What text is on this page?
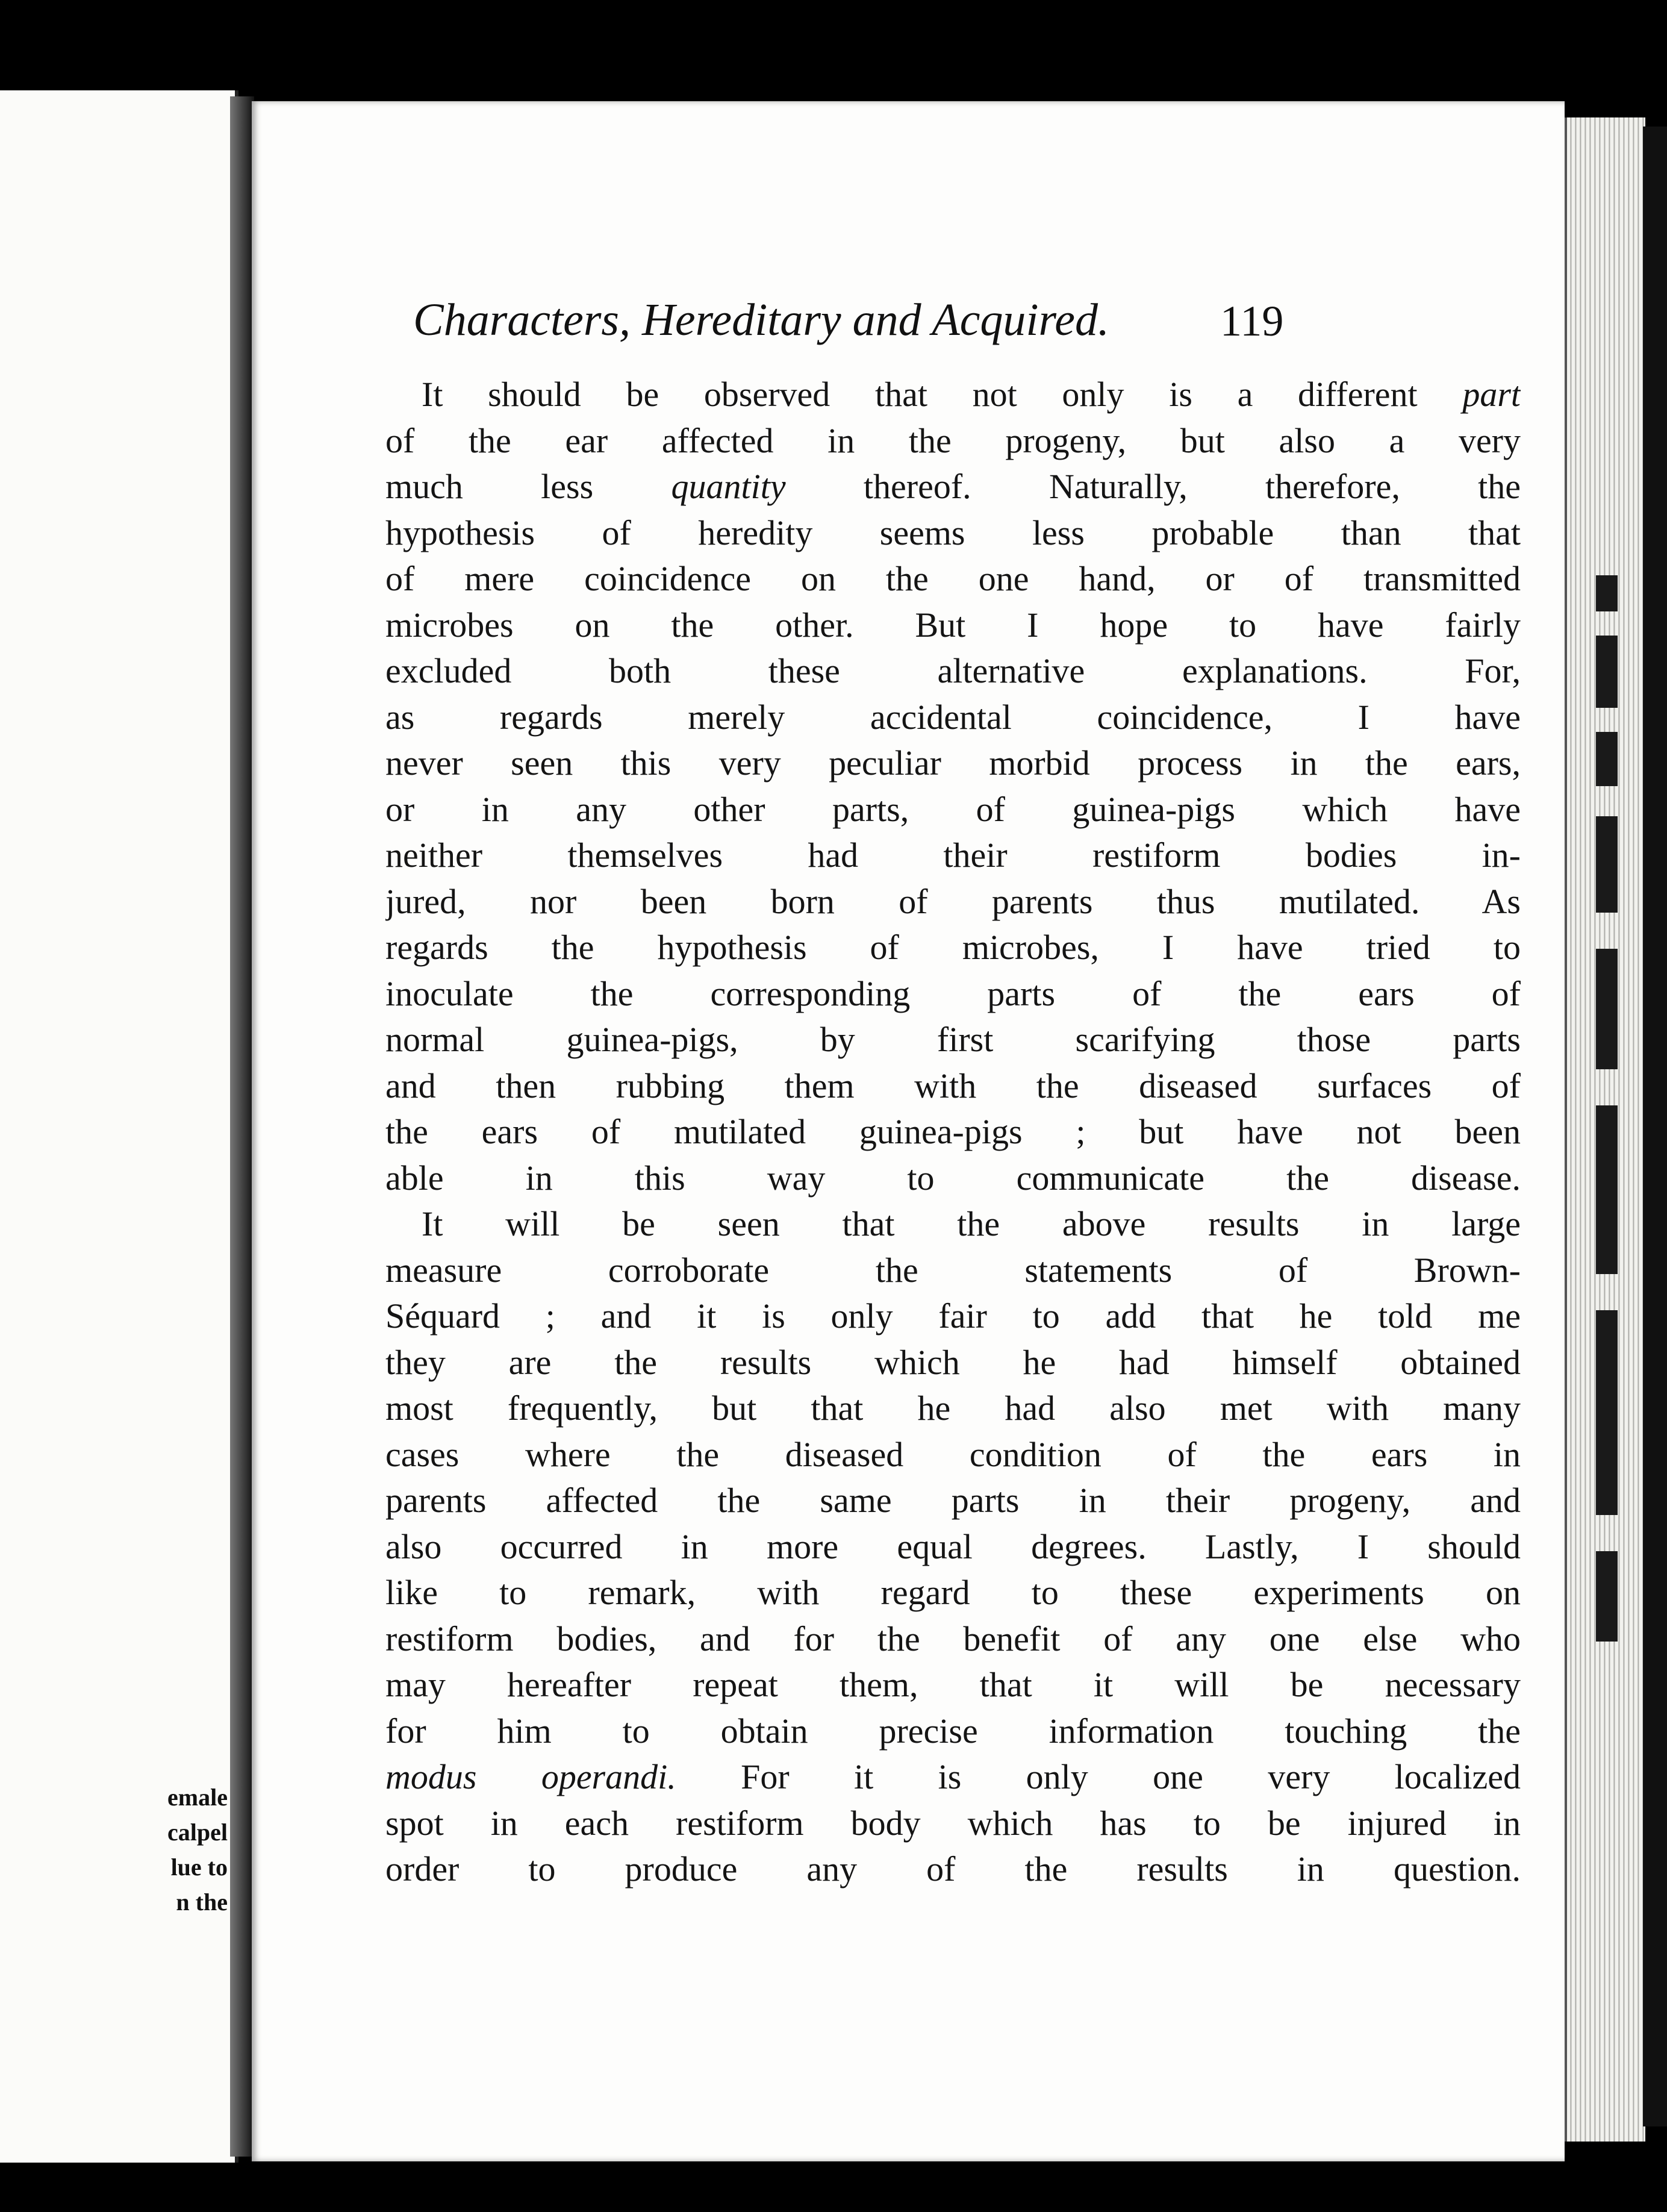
emale

calpel

lue to

n the

Characters, Hereditary and Acquired.	119

It should be observed that not only is a different part

of the ear affected in the progeny, but also a very

much less quantity thereof. Naturally, therefore, the

hypothesis of heredity seems less probable than that

of mere coincidence on the one hand, or of transmitted

microbes on the other. But I hope to have fairly

excluded both these alternative explanations. For,

as regards merely accidental coincidence, I have

never seen this very peculiar morbid process in the ears,

or in any other parts, of guinea-pigs which have

neither themselves had their restiform bodies in-

jured, nor been born of parents thus mutilated. As

regards the hypothesis of microbes, I have tried to

inoculate the corresponding parts of the ears of

normal guinea-pigs, by first scarifying those parts

and then rubbing them with the diseased surfaces of

the ears of mutilated guinea-pigs ; but have not been

able in this way to communicate the disease.

It will be seen that the above results in large

measure corroborate the statements of Brown-

Séquard ; and it is only fair to add that he told me

they are the results which he had himself obtained

most frequently, but that he had also met with many

cases where the diseased condition of the ears in

parents affected the same parts in their progeny, and

also occurred in more equal degrees. Lastly, I should

like to remark, with regard to these experiments on

restiform bodies, and for the benefit of any one else who

may hereafter repeat them, that it will be necessary

for him to obtain precise information touching the

modus operandi. For it is only one very localized

spot in each restiform body which has to be injured in

order to produce any of the results in question.
